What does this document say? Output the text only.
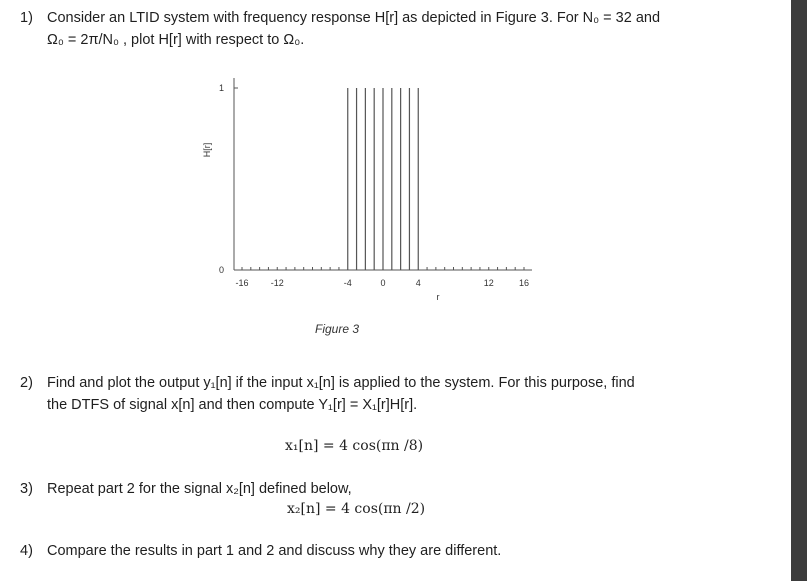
1) Consider an LTID system with frequency response H[r] as depicted in Figure 3. For N₀ = 32 and
Ω₀ = 2π/N₀ , plot H[r] with respect to Ω₀.
H[r]
r
0
1
-16 -12	-4	0	4	12	16
Figure 3
2) Find and plot the output y₁[n] if the input x₁[n] is applied to the system. For this purpose, find
the DTFS of signal x[n] and then compute Y₁[r] = X₁[r]H[r].
x₁[n] = 4 cos(πn /8)
3) Repeat part 2 for the signal x₂[n] defined below,
x₂[n] = 4 cos(πn /2)
4) Compare the results in part 1 and 2 and discuss why they are different.
